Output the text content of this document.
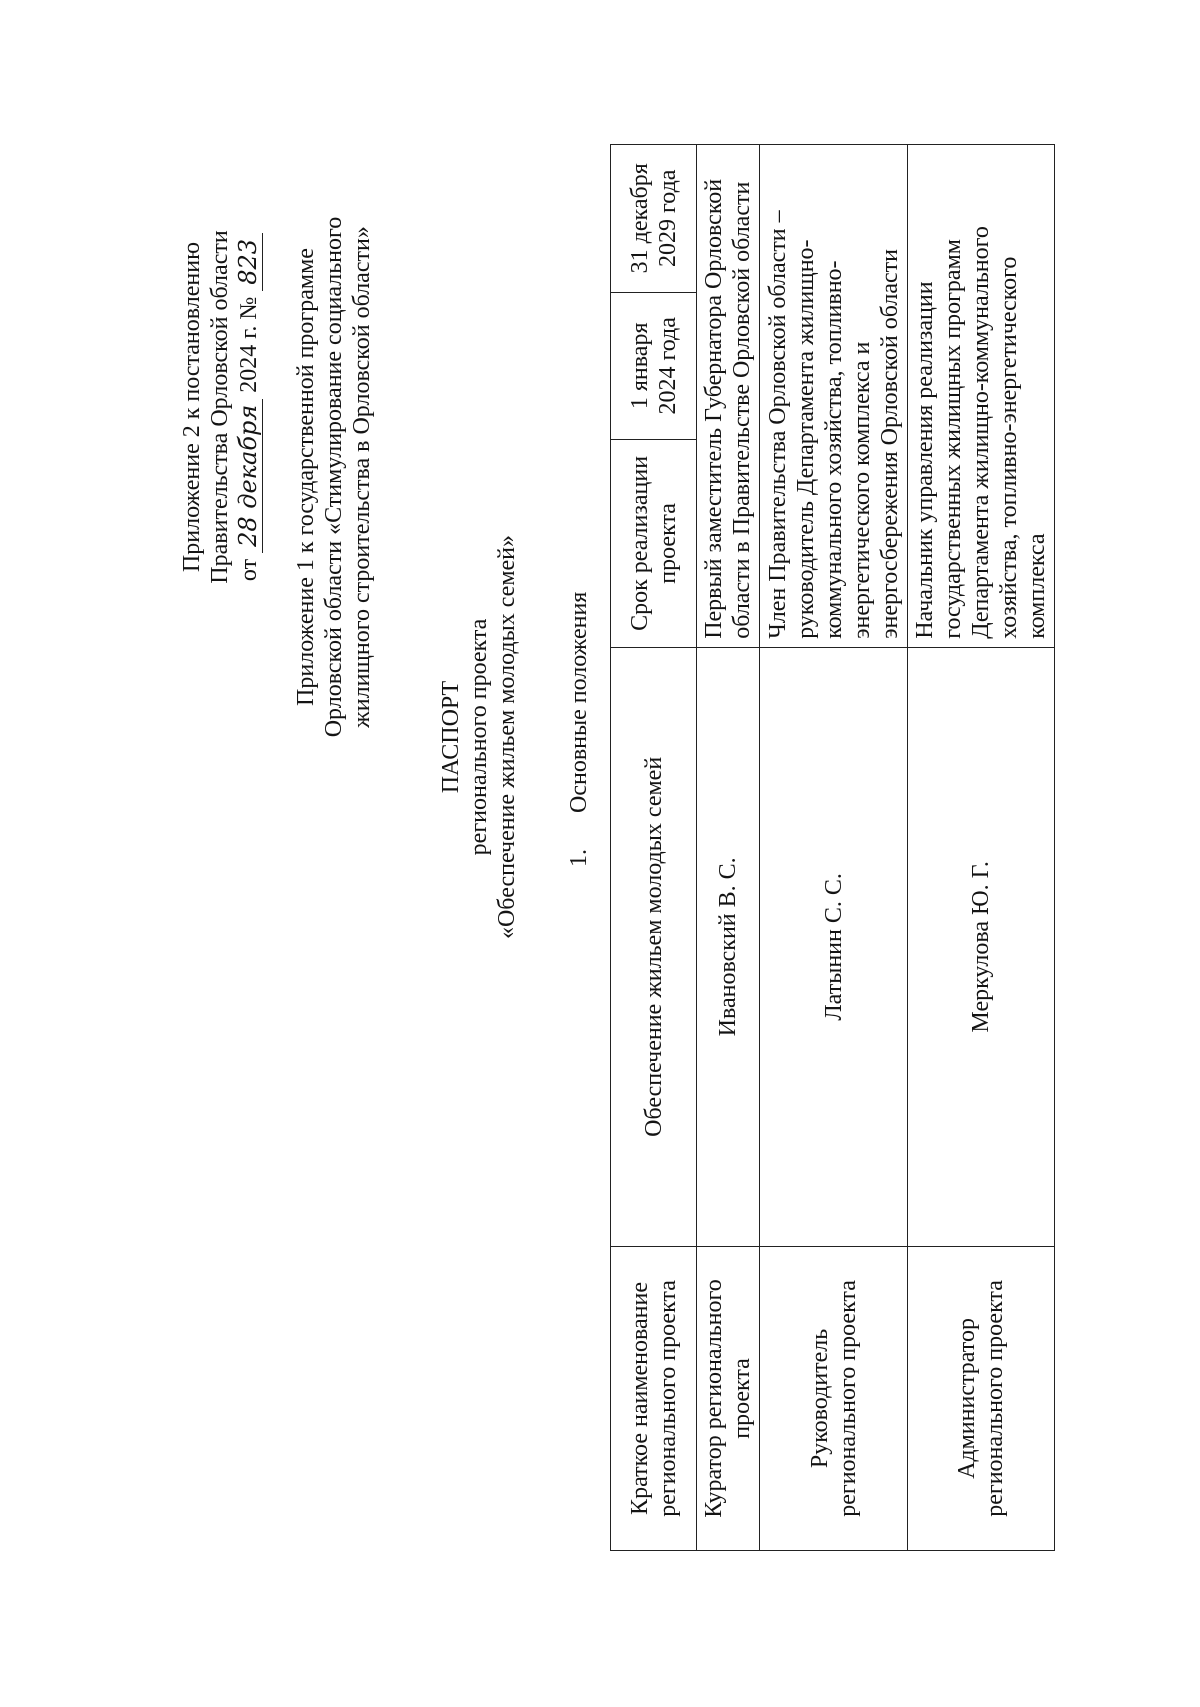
Приложение 2 к постановлению Правительства Орловской области от 28 декабря 2024 г. № 823 Приложение 1 к государственной программе Орловской области «Стимулирование социального жилищного строительства в Орловской области»
ПАСПОРТ регионального проекта «Обеспечение жильем молодых семей» 1. Основные положения
Краткое наименование регионального проекта	Обеспечение жильем молодых семей	Срок реализации проекта	1 января 2024 года	31 декабря 2029 года
Куратор регионального проекта	Ивановский В. С.	Первый заместитель Губернатора Орловской области в Правительстве Орловской области		
Руководитель регионального проекта	Латынин С. С.	Член Правительства Орловской области – руководитель Департамента жилищно-коммунального хозяйства, топливно-энергетического комплекса и энергосбережения Орловской области		
Администратор регионального проекта	Меркулова Ю. Г.	Начальник управления реализации государственных жилищных программ Департамента жилищно-коммунального хозяйства, топливно-энергетического комплекса		
